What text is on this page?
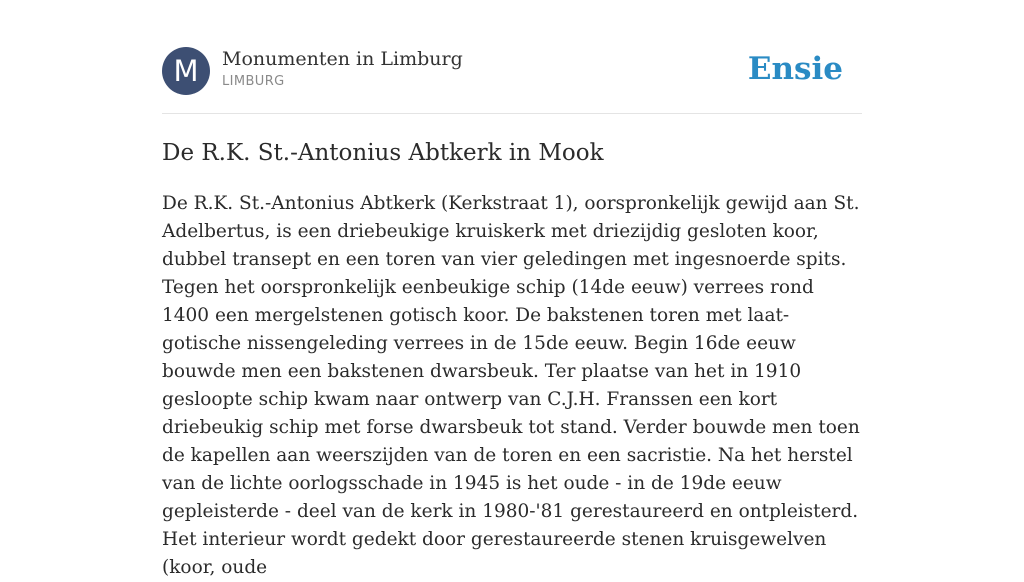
M	Monumenten in Limburg
LIMBURG	Ensie
De R.K. St.-Antonius Abtkerk in Mook

De R.K. St.-Antonius Abtkerk (Kerkstraat 1), oorspronkelijk gewijd aan St. Adelbertus, is een driebeukige kruiskerk met driezijdig gesloten koor, dubbel transept en een toren van vier geledingen met ingesnoerde spits. Tegen het oorspronkelijk eenbeukige schip (14de eeuw) verrees rond 1400 een mergelstenen gotisch koor. De bakstenen toren met laat-gotische nissengeleding verrees in de 15de eeuw. Begin 16de eeuw bouwde men een bakstenen dwarsbeuk. Ter plaatse van het in 1910 gesloopte schip kwam naar ontwerp van C.J.H. Franssen een kort driebeukig schip met forse dwarsbeuk tot stand. Verder bouwde men toen de kapellen aan weerszijden van de toren en een sacristie. Na het herstel van de lichte oorlogsschade in 1945 is het oude - in de 19de eeuw gepleisterde - deel van de kerk in 1980-'81 gerestaureerd en ontpleisterd. Het interieur wordt gedekt door gerestaureerde stenen kruisgewelven (koor, oude
